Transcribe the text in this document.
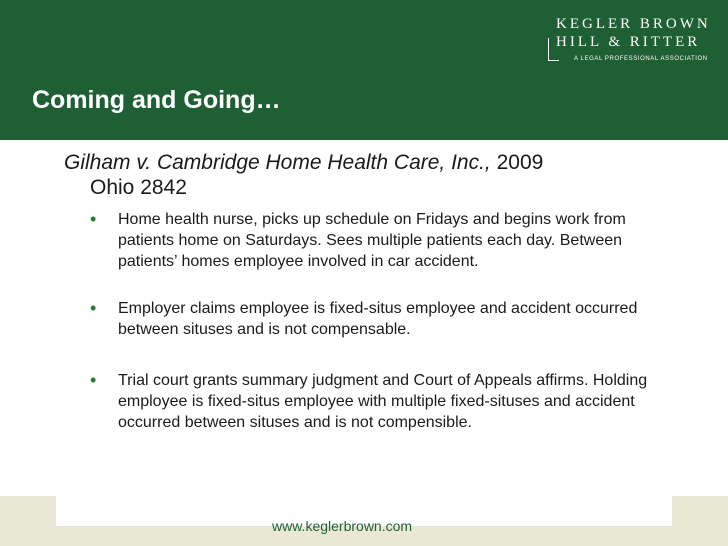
Coming and Going…
KEGLER BROWN
HILL & RITTER
A LEGAL PROFESSIONAL ASSOCIATION
Gilham v. Cambridge Home Health Care, Inc., 2009
Ohio 2842
• Home health nurse, picks up schedule on Fridays and begins work from patients home on Saturdays. Sees multiple patients each day. Between patients’ homes employee involved in car accident.
• Employer claims employee is fixed-situs employee and accident occurred between situses and is not compensable.
• Trial court grants summary judgment and Court of Appeals affirms. Holding employee is fixed-situs employee with multiple fixed-situses and accident occurred between situses and is not compensible.
www.keglerbrown.com
